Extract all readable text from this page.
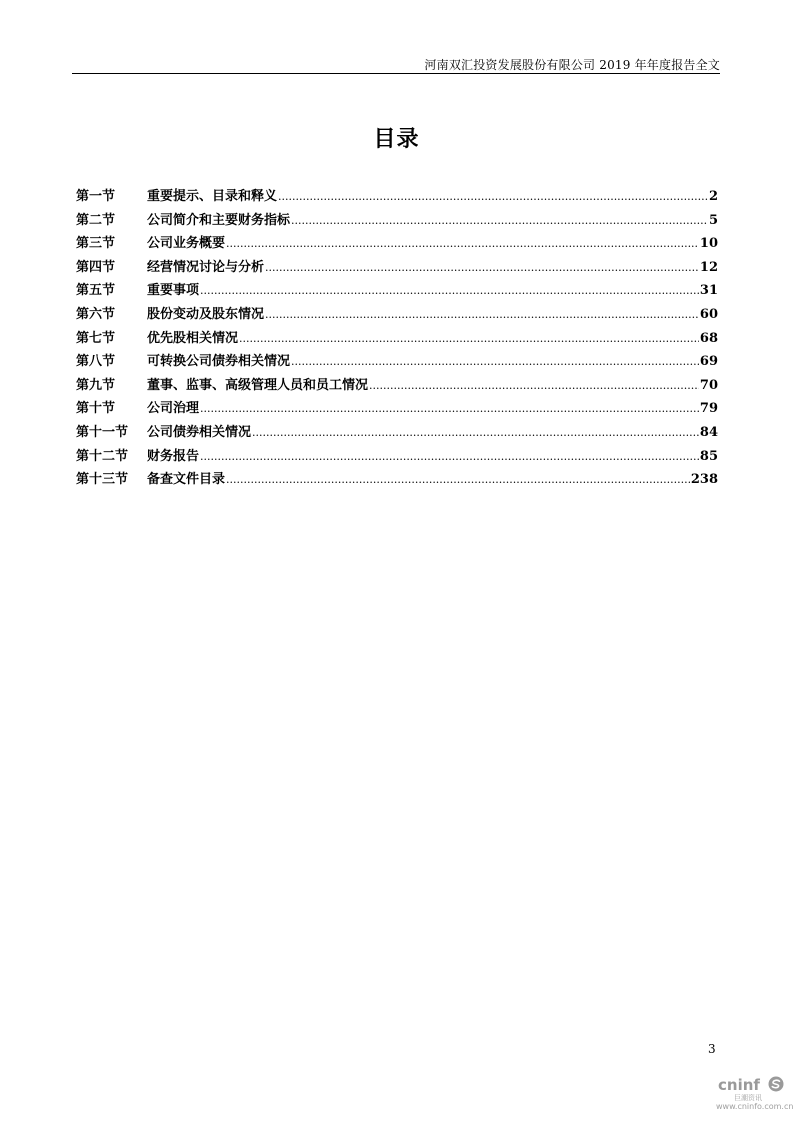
河南双汇投资发展股份有限公司 2019 年年度报告全文
目录
第一节	重要提示、目录和释义 .....	2
第二节	公司简介和主要财务指标 .....	5
第三节	公司业务概要 .....	10
第四节	经营情况讨论与分析 .....	12
第五节	重要事项 .....	31
第六节	股份变动及股东情况 .....	60
第七节	优先股相关情况 .....	68
第八节	可转换公司债券相关情况 .....	69
第九节	董事、监事、高级管理人员和员工情况 .....	70
第十节	公司治理 .....	79
第十一节	公司债券相关情况 .....	84
第十二节	财务报告 .....	85
第十三节	备查文件目录 .....	238
3
cninf
巨潮资讯
www.cninfo.com.cn
